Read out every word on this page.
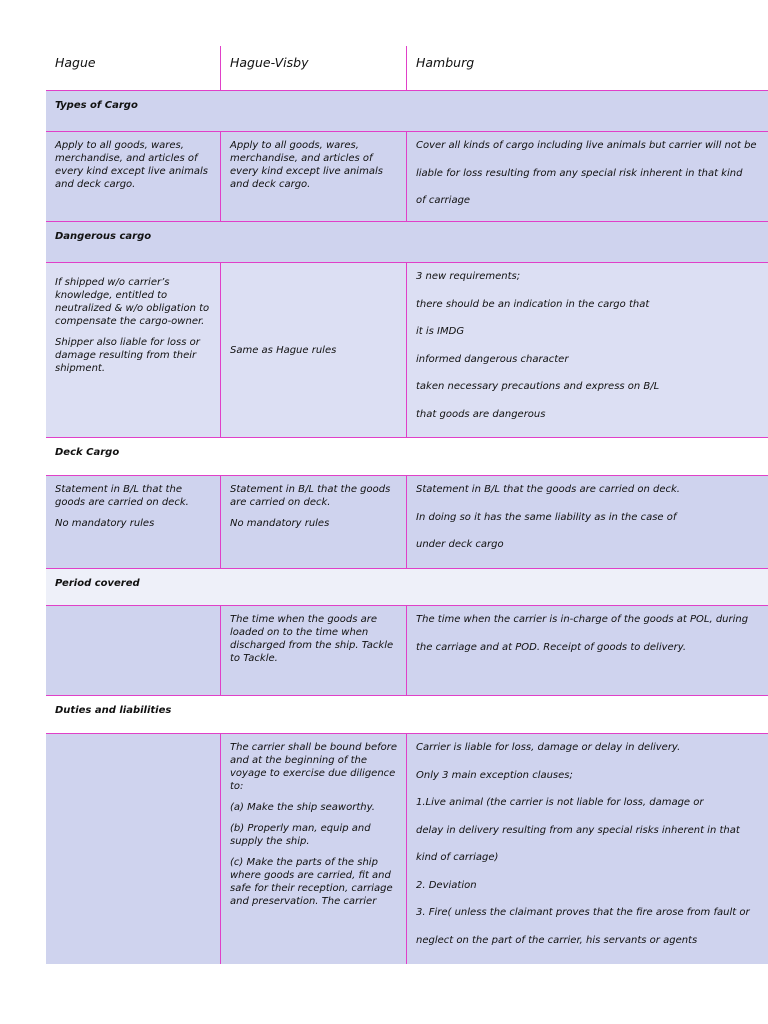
Hague	Hague-Visby	Hamburg
Types of Cargo

Apply to all goods, wares, merchandise, and articles of every kind except live animals and deck cargo.

Apply to all goods, wares, merchandise, and articles of every kind except live animals and deck cargo.

Cover all kinds of cargo including live animals but carrier will not be

liable for loss resulting from any special risk inherent in that kind

of carriage

Dangerous cargo

If shipped w/o carrier’s knowledge, entitled to neutralized & w/o obligation to compensate the cargo-owner.

Shipper also liable for loss or damage resulting from their shipment.

Same as Hague rules

3 new requirements;

there should be an indication in the cargo that

it is IMDG

informed dangerous character

taken necessary precautions and express on B/L

that goods are dangerous

Deck Cargo

Statement in B/L that the goods are carried on deck.

No mandatory rules

Statement in B/L that the goods are carried on deck.

No mandatory rules

Statement in B/L that the goods are carried on deck.

In doing so it has the same liability as in the case of

under deck cargo

Period covered

The time when the goods are loaded on to the time when discharged from the ship. Tackle to Tackle.

The time when the carrier is in-charge of the goods at POL, during

the carriage and at POD. Receipt of goods to delivery.

Duties and liabilities

The carrier shall be bound before and at the beginning of the voyage to exercise due diligence to:

(a) Make the ship seaworthy.

(b) Properly man, equip and supply the ship.

(c) Make the parts of the ship where goods are carried, fit and safe for their reception, carriage and preservation. The carrier

Carrier is liable for loss, damage or delay in delivery.

Only 3 main exception clauses;

1.Live animal (the carrier is not liable for loss, damage or

delay in delivery resulting from any special risks inherent in that

kind of carriage)

2. Deviation

3. Fire( unless the claimant proves that the fire arose from fault or

neglect on the part of the carrier, his servants or agents
